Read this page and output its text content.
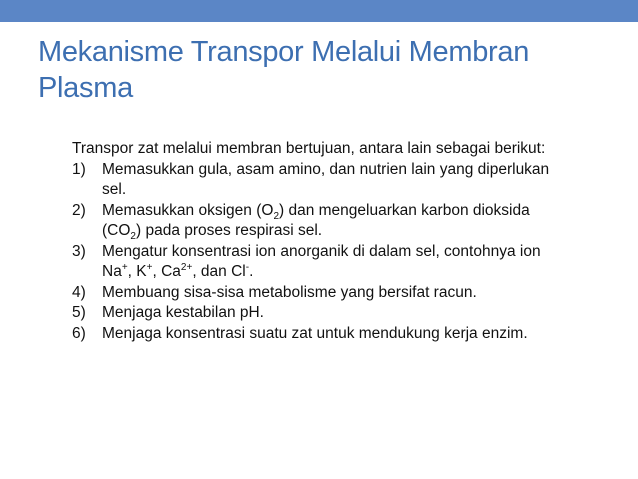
Mekanisme Transpor Melalui Membran Plasma

Transpor zat melalui membran bertujuan, antara lain sebagai berikut:

1) Memasukkan gula, asam amino, dan nutrien lain yang diperlukan sel.
2) Memasukkan oksigen $(O_2)$ dan mengeluarkan karbon dioksida $(CO_2)$ pada proses respirasi sel.
3) Mengatur konsentrasi ion anorganik di dalam sel, contohnya ion Na+, K+, $Ca^{2+}$, dan Cl-.
4) Membuang sisa-sisa metabolisme yang bersifat racun.
5) Menjaga kestabilan pH.
6) Menjaga konsentrasi suatu zat untuk mendukung kerja enzim.
